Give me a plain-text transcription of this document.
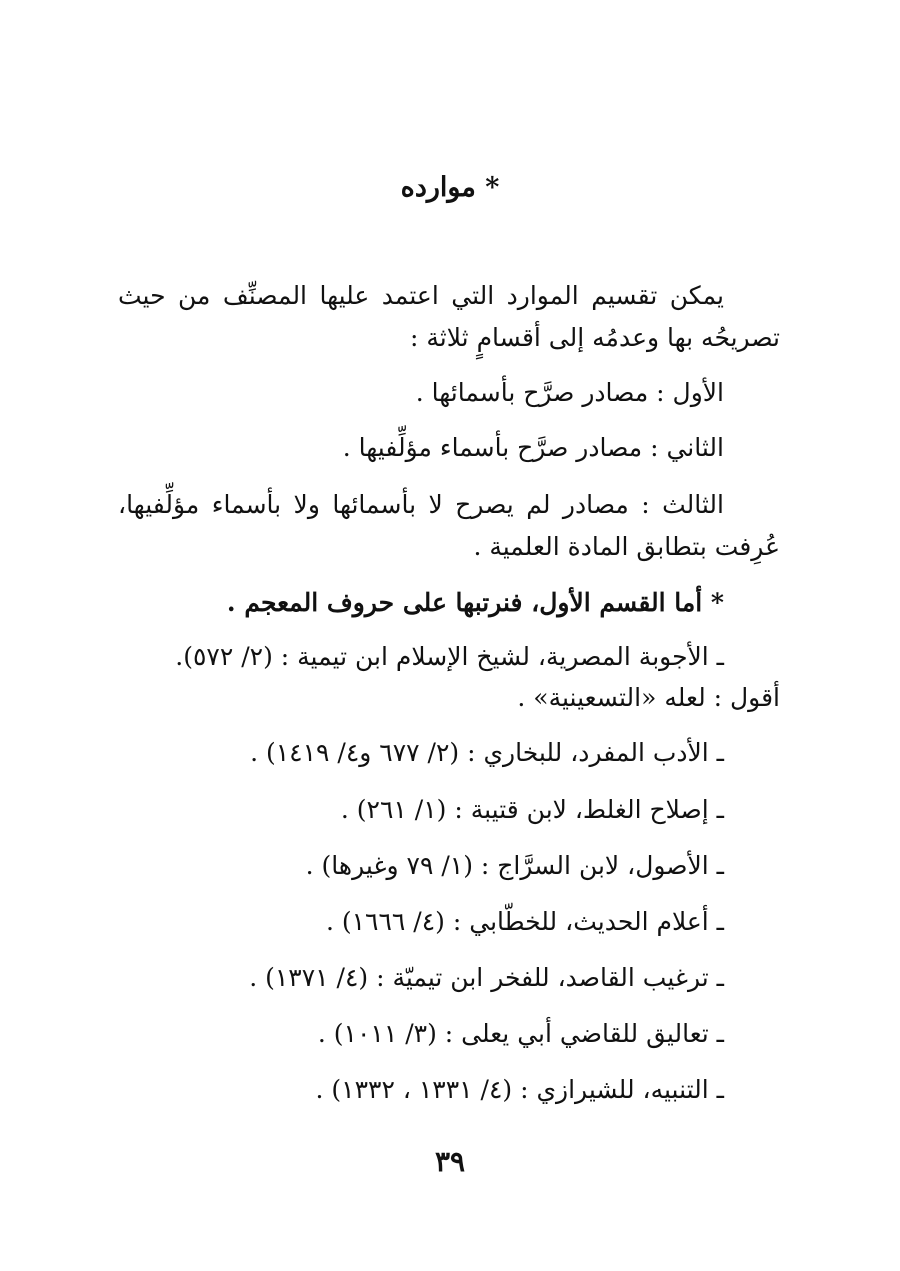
* موارده
يمكن تقسيم الموارد التي اعتمد عليها المصنِّف من حيث
تصريحُه بها وعدمُه إلى أقسامٍ ثلاثة :
الأول : مصادر صرَّح بأسمائها .
الثاني : مصادر صرَّح بأسماء مؤلِّفيها .
الثالث : مصادر لم يصرح لا بأسمائها ولا بأسماء مؤلِّفيها،
عُرِفت بتطابق المادة العلمية .
* أما القسم الأول، فنرتبها على حروف المعجم .
ـ الأجوبة المصرية، لشيخ الإسلام ابن تيمية : (٢/ ٥٧٢).
أقول : لعله «التسعينية» .
ـ الأدب المفرد، للبخاري : (٢/ ٦٧٧ و٤/ ١٤١٩) .
ـ إصلاح الغلط، لابن قتيبة : (١/ ٢٦١) .
ـ الأصول، لابن السرَّاج : (١/ ٧٩ وغيرها) .
ـ أعلام الحديث، للخطّابي : (٤/ ١٦٦٦) .
ـ ترغيب القاصد، للفخر ابن تيميّة : (٤/ ١٣٧١) .
ـ تعاليق للقاضي أبي يعلى : (٣/ ١٠١١) .
ـ التنبيه، للشيرازي : (٤/ ١٣٣١ ، ١٣٣٢) .
٣٩
